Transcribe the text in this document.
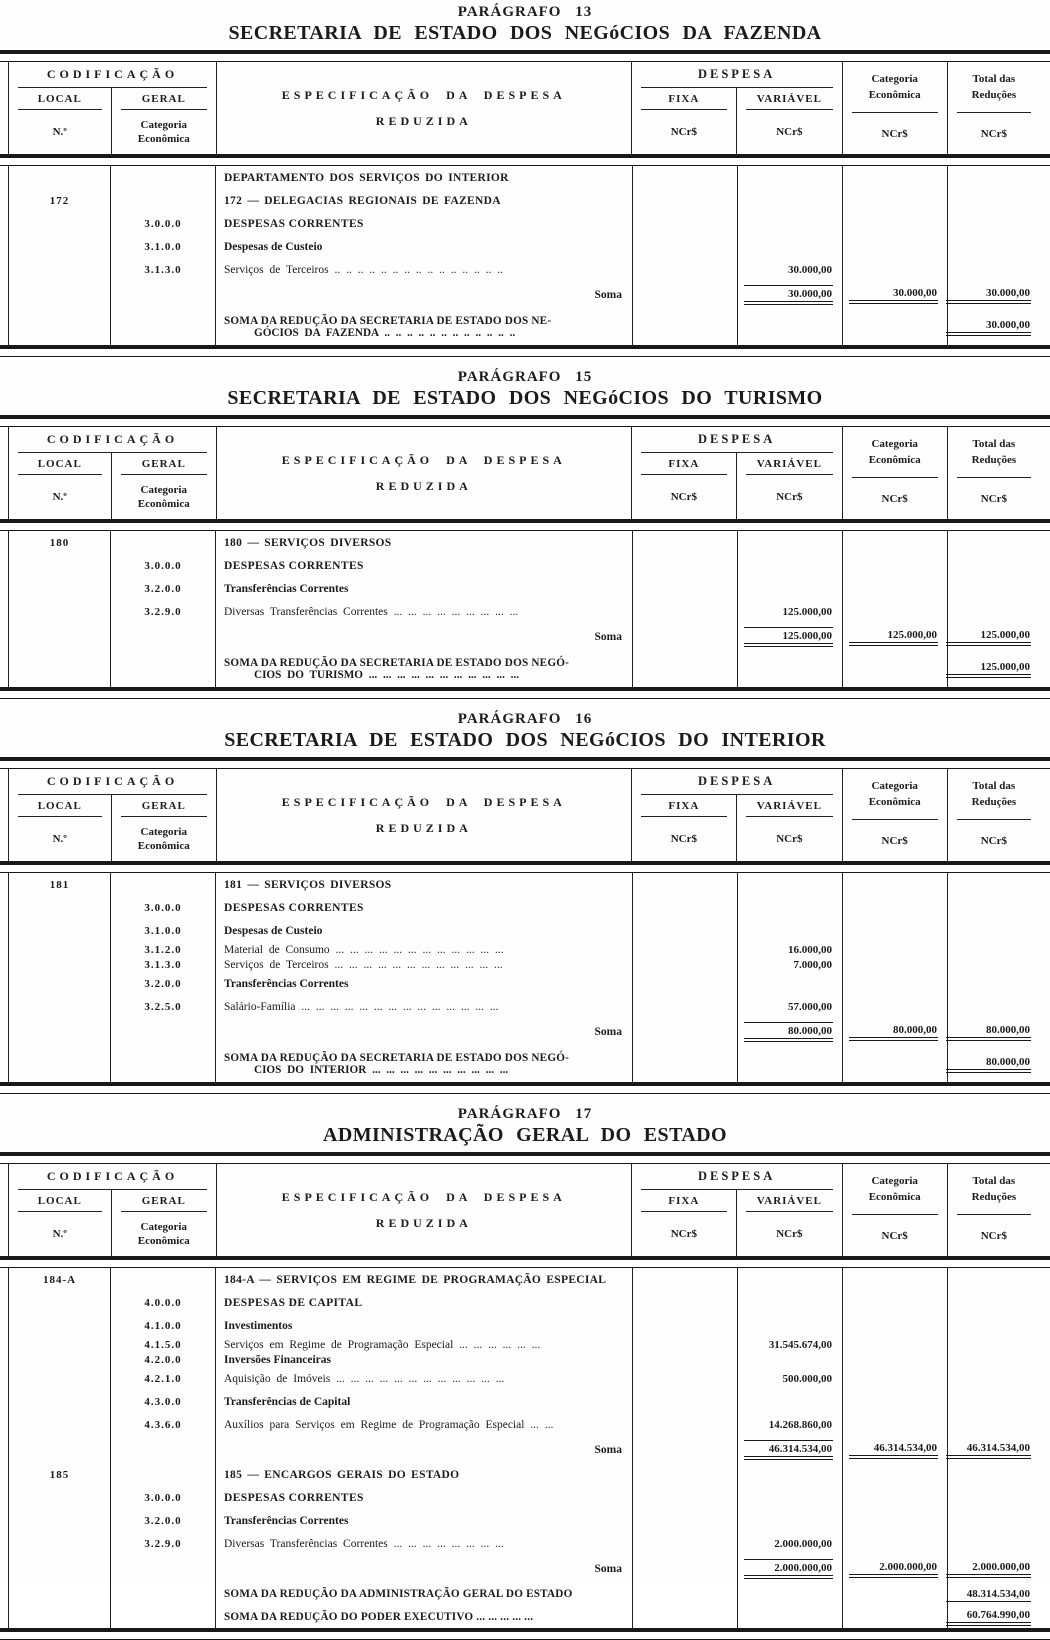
PARÁGRAFO 13
SECRETARIA DE ESTADO DOS NEGóCIOS DA FAZENDA
CODIFICAÇÃO
LOCAL
N.º
GERAL
Categoria
Econômica
ESPECIFICAÇÃO DA DESPESA
REDUZIDA
DESPESA
FIXA
NCr$
VARIÁVEL
NCr$
Categoria
Econômica
NCr$
Total das
Reduções
NCr$
DEPARTAMENTO DOS SERVIÇOS DO INTERIOR
172	172 — DELEGACIAS REGIONAIS DE FAZENDA
3.0.0.0	DESPESAS CORRENTES
3.1.0.0	Despesas de Custeio
3.1.3.0	Serviços de Terceiros .. .. .. .. .. .. .. .. .. .. .. .. .. .. ..	30.000,00
Soma	30.000,00	30.000,00	30.000,00
SOMA DA REDUÇÃO DA SECRETARIA DE ESTADO DOS NE-
GÓCIOS DA FAZENDA .. .. .. .. .. .. .. .. .. .. .. ..
30.000,00
PARÁGRAFO 15
SECRETARIA DE ESTADO DOS NEGóCIOS DO TURISMO
CODIFICAÇÃO
LOCAL
N.º
GERAL
Categoria
Econômica
ESPECIFICAÇÃO DA DESPESA
REDUZIDA
DESPESA
FIXA
NCr$
VARIÁVEL
NCr$
Categoria
Econômica
NCr$
Total das
Reduções
NCr$
180	180 — SERVIÇOS DIVERSOS
3.0.0.0	DESPESAS CORRENTES
3.2.0.0	Transferências Correntes
3.2.9.0	Diversas Transferências Correntes ... ... ... ... ... ... ... ... ...	125.000,00
Soma	125.000,00	125.000,00	125.000,00
SOMA DA REDUÇÃO DA SECRETARIA DE ESTADO DOS NEGÓ-
CIOS DO TURISMO ... ... ... ... ... ... ... ... ... ... ...
125.000,00
PARÁGRAFO 16
SECRETARIA DE ESTADO DOS NEGóCIOS DO INTERIOR
CODIFICAÇÃO
LOCAL
N.º
GERAL
Categoria
Econômica
ESPECIFICAÇÃO DA DESPESA
REDUZIDA
DESPESA
FIXA
NCr$
VARIÁVEL
NCr$
Categoria
Econômica
NCr$
Total das
Reduções
NCr$
181	181 — SERVIÇOS DIVERSOS
3.0.0.0	DESPESAS CORRENTES
3.1.0.0	Despesas de Custeio
3.1.2.0	Material de Consumo ... ... ... ... ... ... ... ... ... ... ... ...	16.000,00
3.1.3.0	Serviços de Terceiros ... ... ... ... ... ... ... ... ... ... ... ...	7.000,00
3.2.0.0	Transferências Correntes
3.2.5.0	Salário-Família ... ... ... ... ... ... ... ... ... ... ... ... ... ...	57.000,00
Soma	80.000,00	80.000,00	80.000,00
SOMA DA REDUÇÃO DA SECRETARIA DE ESTADO DOS NEGÓ-
CIOS DO INTERIOR ... ... ... ... ... ... ... ... ... ...
80.000,00
PARÁGRAFO 17
ADMINISTRAÇÃO GERAL DO ESTADO
CODIFICAÇÃO
LOCAL
N.º
GERAL
Categoria
Econômica
ESPECIFICAÇÃO DA DESPESA
REDUZIDA
DESPESA
FIXA
NCr$
VARIÁVEL
NCr$
Categoria
Econômica
NCr$
Total das
Reduções
NCr$
184-A	184-A — SERVIÇOS EM REGIME DE PROGRAMAÇÃO ESPECIAL
4.0.0.0	DESPESAS DE CAPITAL
4.1.0.0	Investimentos
4.1.5.0	Serviços em Regime de Programação Especial ... ... ... ... ... ...	31.545.674,00
4.2.0.0	Inversões Financeiras
4.2.1.0	Aquisição de Imóveis ... ... ... ... ... ... ... ... ... ... ... ...	500.000,00
4.3.0.0	Transferências de Capital
4.3.6.0	Auxílios para Serviços em Regime de Programação Especial ... ...	14.268.860,00
Soma	46.314.534,00	46.314.534,00	46.314.534,00
185	185 — ENCARGOS GERAIS DO ESTADO
3.0.0.0	DESPESAS CORRENTES
3.2.0.0	Transferências Correntes
3.2.9.0	Diversas Transferências Correntes ... ... ... ... ... ... ... ...	2.000.000,00
Soma	2.000.000,00	2.000.000,00	2.000.000,00
SOMA DA REDUÇÃO DA ADMINISTRAÇÃO GERAL DO ESTADO	48.314.534,00
SOMA DA REDUÇÃO DO PODER EXECUTIVO ... ... ... ... ...	60.764.990,00
